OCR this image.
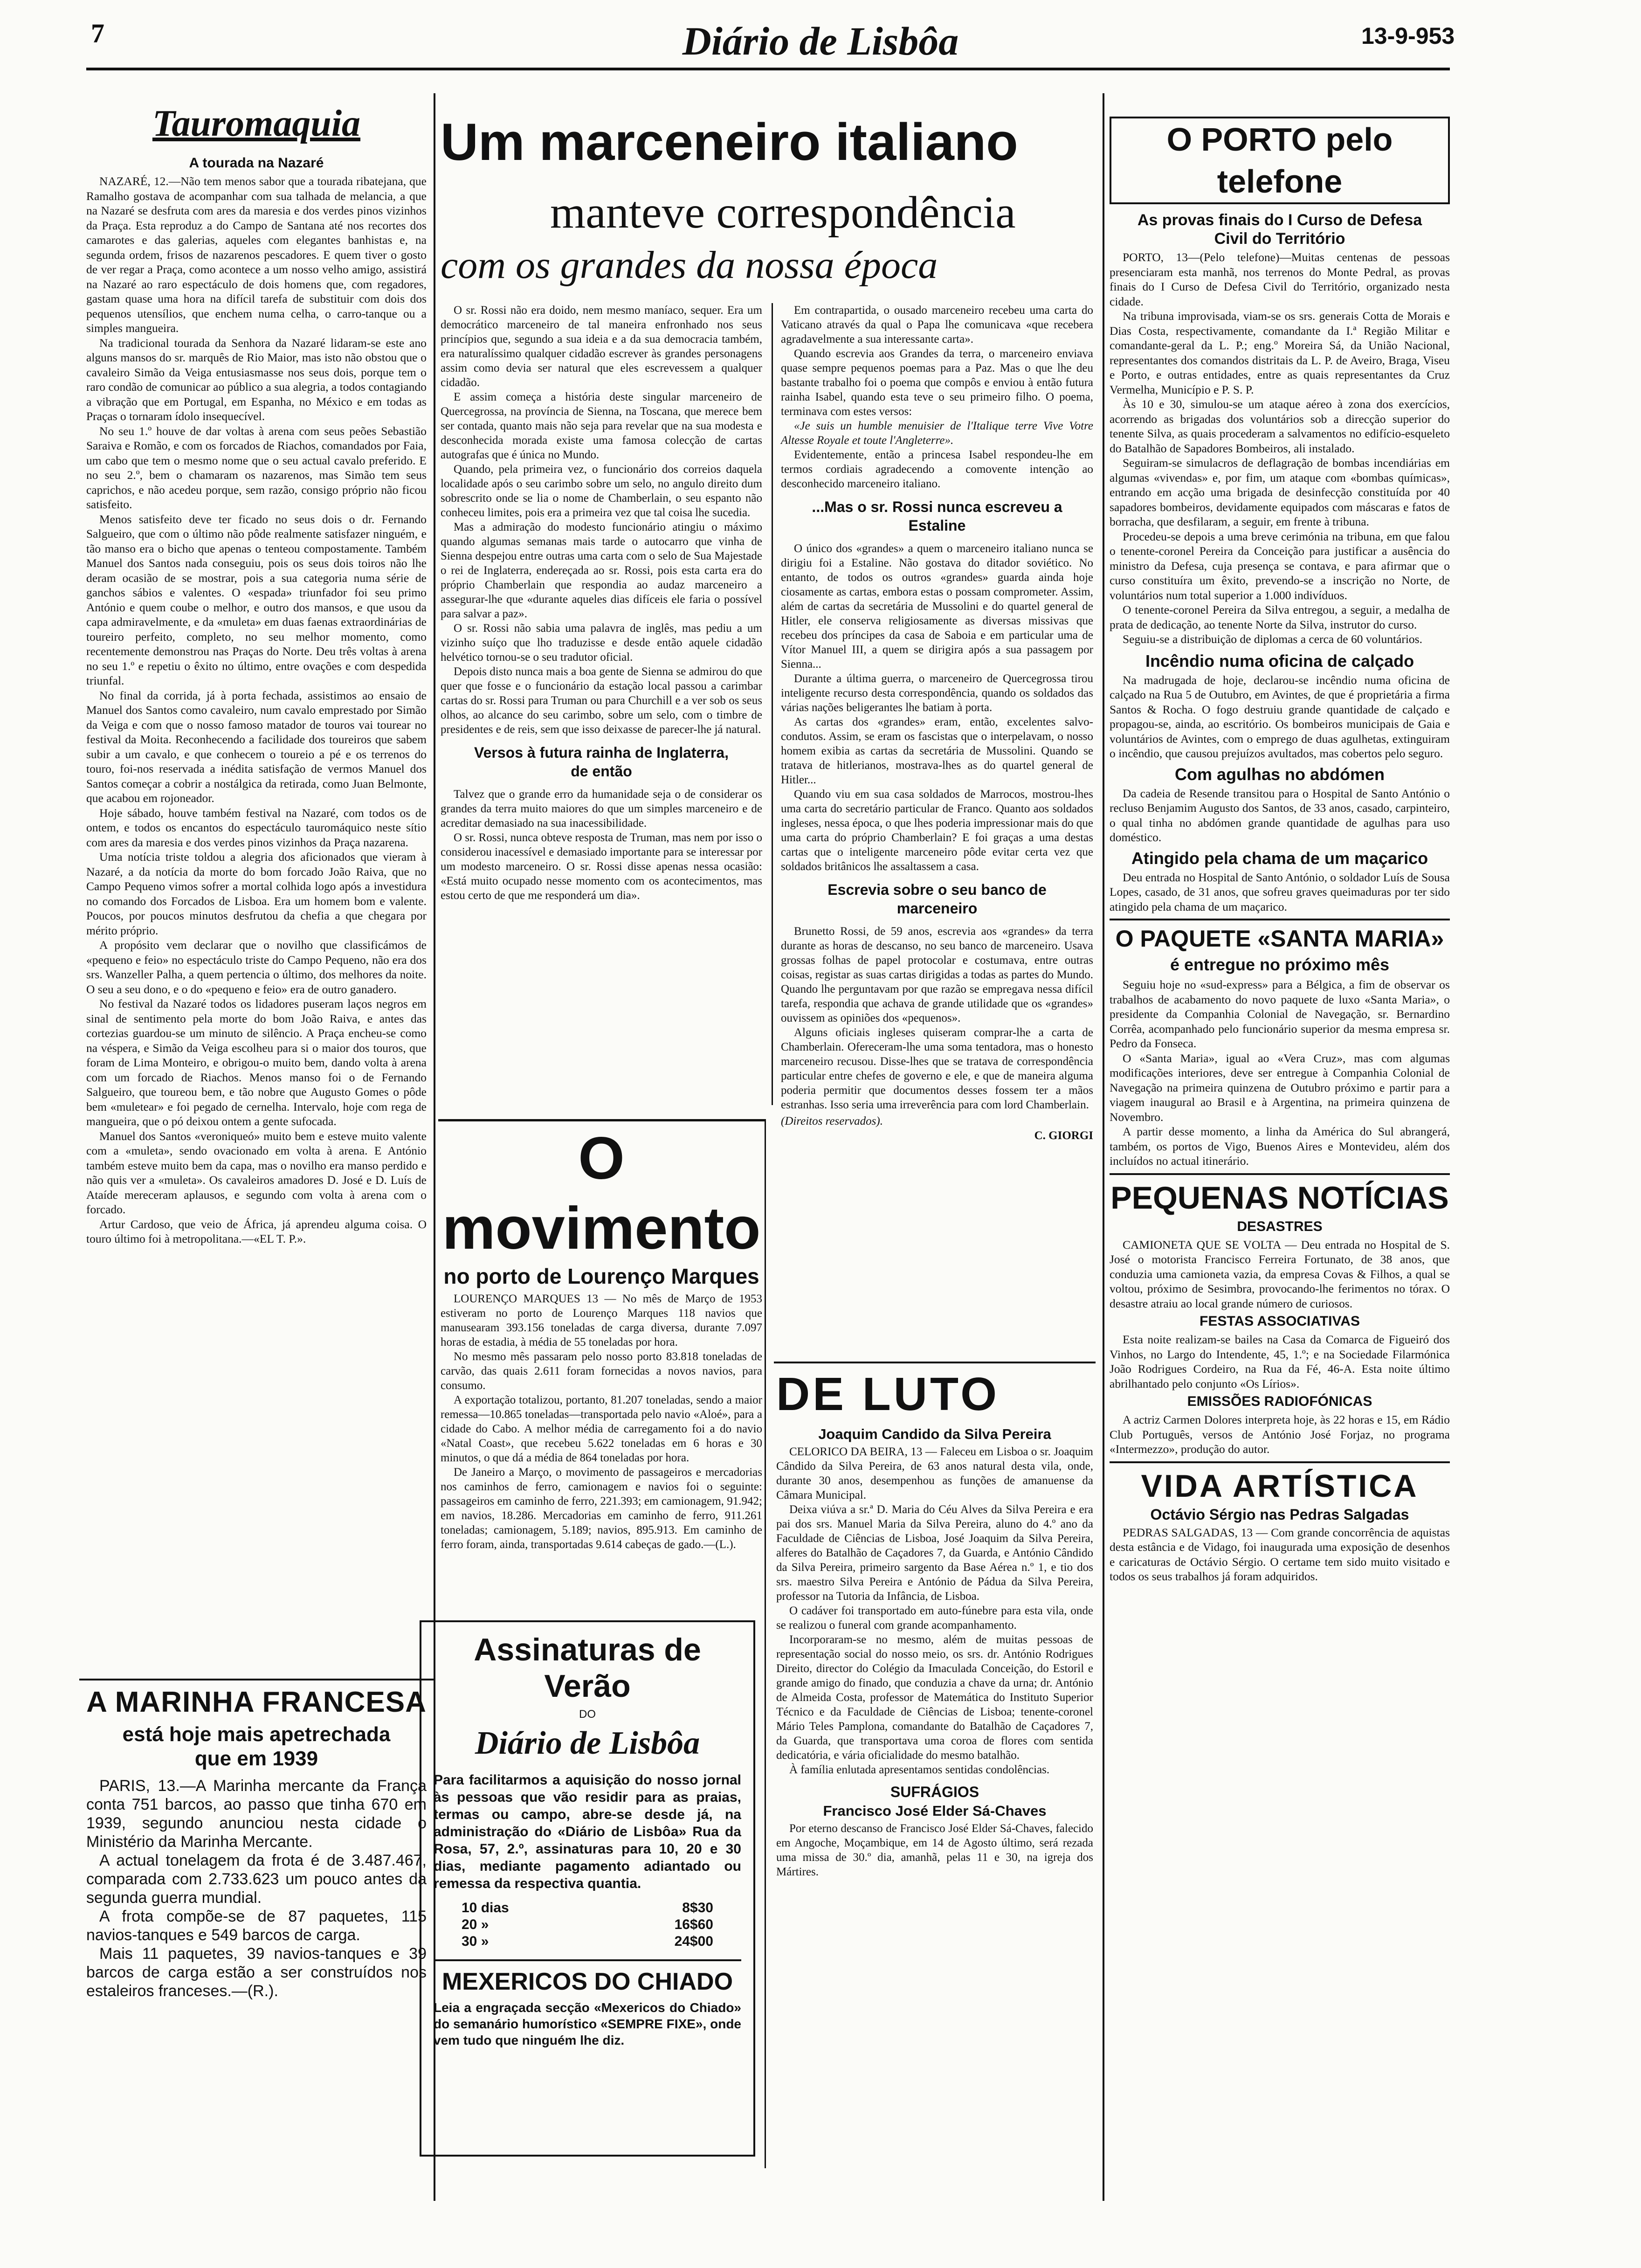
7	Diário de Lisbôa	13-9-953
Tauromaquia
A tourada na Nazaré

NAZARÉ, 12.—Não tem menos sabor que a tourada ribatejana, que Ramalho gostava de acompanhar com sua talhada de melancia, a que na Nazaré se desfruta com ares da maresia e dos verdes pinos vizinhos da Praça. Esta reproduz a do Campo de Santana até nos recortes dos camarotes e das galerias, aqueles com elegantes banhistas e, na segunda ordem, frisos de nazarenos pescadores. E quem tiver o gosto de ver regar a Praça, como acontece a um nosso velho amigo, assistirá na Nazaré ao raro espectáculo de dois homens que, com regadores, gastam quase uma hora na difícil tarefa de substituir com dois dos pequenos utensílios, que enchem numa celha, o carro-tanque ou a simples mangueira.

Na tradicional tourada da Senhora da Nazaré lidaram-se este ano alguns mansos do sr. marquês de Rio Maior, mas isto não obstou que o cavaleiro Simão da Veiga entusiasmasse nos seus dois, porque tem o raro condão de comunicar ao público a sua alegria, a todos contagiando a vibração que em Portugal, em Espanha, no México e em todas as Praças o tornaram ídolo insequecível.

No seu 1.º houve de dar voltas à arena com seus peões Sebastião Saraiva e Romão, e com os forcados de Riachos, comandados por Faia, um cabo que tem o mesmo nome que o seu actual cavalo preferido. E no seu 2.º, bem o chamaram os nazarenos, mas Simão tem seus caprichos, e não acedeu porque, sem razão, consigo próprio não ficou satisfeito.

Menos satisfeito deve ter ficado no seus dois o dr. Fernando Salgueiro, que com o último não pôde realmente satisfazer ninguém, e tão manso era o bicho que apenas o tenteou compostamente. Também Manuel dos Santos nada conseguiu, pois os seus dois toiros não lhe deram ocasião de se mostrar, pois a sua categoria numa série de ganchos sábios e valentes. O «espada» triunfador foi seu primo António e quem coube o melhor, e outro dos mansos, e que usou da capa admiravelmente, e da «muleta» em duas faenas extraordinárias de toureiro perfeito, completo, no seu melhor momento, como recentemente demonstrou nas Praças do Norte. Deu três voltas à arena no seu 1.º e repetiu o êxito no último, entre ovações e com despedida triunfal.

No final da corrida, já à porta fechada, assistimos ao ensaio de Manuel dos Santos como cavaleiro, num cavalo emprestado por Simão da Veiga e com que o nosso famoso matador de touros vai tourear no festival da Moita. Reconhecendo a facilidade dos toureiros que sabem subir a um cavalo, e que conhecem o toureio a pé e os terrenos do touro, foi-nos reservada a inédita satisfação de vermos Manuel dos Santos começar a cobrir a nostálgica da retirada, como Juan Belmonte, que acabou em rojoneador.

Hoje sábado, houve também festival na Nazaré, com todos os de ontem, e todos os encantos do espectáculo tauromáquico neste sítio com ares da maresia e dos verdes pinos vizinhos da Praça nazarena.

Uma notícia triste toldou a alegria dos aficionados que vieram à Nazaré, a da notícia da morte do bom forcado João Raiva, que no Campo Pequeno vimos sofrer a mortal colhida logo após a investidura no comando dos Forcados de Lisboa. Era um homem bom e valente. Poucos, por poucos minutos desfrutou da chefia a que chegara por mérito próprio.

A propósito vem declarar que o novilho que classificámos de «pequeno e feio» no espectáculo triste do Campo Pequeno, não era dos srs. Wanzeller Palha, a quem pertencia o último, dos melhores da noite. O seu a seu dono, e o do «pequeno e feio» era de outro ganadero.

No festival da Nazaré todos os lidadores puseram laços negros em sinal de sentimento pela morte do bom João Raiva, e antes das cortezias guardou-se um minuto de silêncio. A Praça encheu-se como na véspera, e Simão da Veiga escolheu para si o maior dos touros, que foram de Lima Monteiro, e obrigou-o muito bem, dando volta à arena com um forcado de Riachos. Menos manso foi o de Fernando Salgueiro, que toureou bem, e tão nobre que Augusto Gomes o pôde bem «muletear» e foi pegado de cernelha. Intervalo, hoje com rega de mangueira, que o pó deixou ontem a gente sufocada.

Manuel dos Santos «veroniqueó» muito bem e esteve muito valente com a «muleta», sendo ovacionado em volta à arena. E António também esteve muito bem da capa, mas o novilho era manso perdido e não quis ver a «muleta». Os cavaleiros amadores D. José e D. Luís de Ataíde mereceram aplausos, e segundo com volta à arena com o forcado.

Artur Cardoso, que veio de África, já aprendeu alguma coisa. O touro último foi à metropolitana.—«EL T. P.».

A MARINHA FRANCESA
está hoje mais apetrechada que em 1939

PARIS, 13.—A Marinha mercante da França conta 751 barcos, ao passo que tinha 670 em 1939, segundo anunciou nesta cidade o Ministério da Marinha Mercante.

A actual tonelagem da frota é de 3.487.467, comparada com 2.733.623 um pouco antes da segunda guerra mundial.

A frota compõe-se de 87 paquetes, 115 navios-tanques e 549 barcos de carga.

Mais 11 paquetes, 39 navios-tanques e 39 barcos de carga estão a ser construídos nos estaleiros franceses.—(R.).

Um marceneiro italiano
manteve correspondência
com os grandes da nossa época

O sr. Rossi não era doido, nem mesmo maníaco, sequer. Era um democrático marceneiro de tal maneira enfronhado nos seus princípios que, segundo a sua ideia e a da sua democracia também, era naturalíssimo qualquer cidadão escrever às grandes personagens assim como devia ser natural que eles escrevessem a qualquer cidadão.

E assim começa a história deste singular marceneiro de Quercegrossa, na província de Sienna, na Toscana, que merece bem ser contada, quanto mais não seja para revelar que na sua modesta e desconhecida morada existe uma famosa colecção de cartas autografas que é única no Mundo.

Quando, pela primeira vez, o funcionário dos correios daquela localidade após o seu carimbo sobre um selo, no angulo direito dum sobrescrito onde se lia o nome de Chamberlain, o seu espanto não conheceu limites, pois era a primeira vez que tal coisa lhe sucedia.

Mas a admiração do modesto funcionário atingiu o máximo quando algumas semanas mais tarde o autocarro que vinha de Sienna despejou entre outras uma carta com o selo de Sua Majestade o rei de Inglaterra, endereçada ao sr. Rossi, pois esta carta era do próprio Chamberlain que respondia ao audaz marceneiro a assegurar-lhe que «durante aqueles dias difíceis ele faria o possível para salvar a paz».

O sr. Rossi não sabia uma palavra de inglês, mas pediu a um vizinho suíço que lho traduzisse e desde então aquele cidadão helvético tornou-se o seu tradutor oficial.

Depois disto nunca mais a boa gente de Sienna se admirou do que quer que fosse e o funcionário da estação local passou a carimbar cartas do sr. Rossi para Truman ou para Churchill e a ver sob os seus olhos, ao alcance do seu carimbo, sobre um selo, com o timbre de presidentes e de reis, sem que isso deixasse de parecer-lhe já natural.

Versos à futura rainha de Inglaterra, de então

Talvez que o grande erro da humanidade seja o de considerar os grandes da terra muito maiores do que um simples marceneiro e de acreditar demasiado na sua inacessibilidade.

O sr. Rossi, nunca obteve resposta de Truman, mas nem por isso o considerou inacessível e demasiado importante para se interessar por um modesto marceneiro. O sr. Rossi disse apenas nessa ocasião: «Está muito ocupado nesse momento com os acontecimentos, mas estou certo de que me responderá um dia».

Em contrapartida, o ousado marceneiro recebeu uma carta do Vaticano através da qual o Papa lhe comunicava «que recebera agradavelmente a sua interessante carta».

Quando escrevia aos Grandes da terra, o marceneiro enviava quase sempre pequenos poemas para a Paz. Mas o que lhe deu bastante trabalho foi o poema que compôs e enviou à então futura rainha Isabel, quando esta teve o seu primeiro filho. O poema, terminava com estes versos:

«Je suis un humble menuisier de l'Italique terre Vive Votre Altesse Royale et toute l'Angleterre».

Evidentemente, então a princesa Isabel respondeu-lhe em termos cordiais agradecendo a comovente intenção ao desconhecido marceneiro italiano.

...Mas o sr. Rossi nunca escreveu a Estaline

O único dos «grandes» a quem o marceneiro italiano nunca se dirigiu foi a Estaline. Não gostava do ditador soviético. No entanto, de todos os outros «grandes» guarda ainda hoje ciosamente as cartas, embora estas o possam comprometer. Assim, além de cartas da secretária de Mussolini e do quartel general de Hitler, ele conserva religiosamente as diversas missivas que recebeu dos príncipes da casa de Saboia e em particular uma de Vítor Manuel III, a quem se dirigira após a sua passagem por Sienna...

Durante a última guerra, o marceneiro de Quercegrossa tirou inteligente recurso desta correspondência, quando os soldados das várias nações beligerantes lhe batiam à porta.

As cartas dos «grandes» eram, então, excelentes salvo-condutos. Assim, se eram os fascistas que o interpelavam, o nosso homem exibia as cartas da secretária de Mussolini. Quando se tratava de hitlerianos, mostrava-lhes as do quartel general de Hitler...

Quando viu em sua casa soldados de Marrocos, mostrou-lhes uma carta do secretário particular de Franco. Quanto aos soldados ingleses, nessa época, o que lhes poderia impressionar mais do que uma carta do próprio Chamberlain? E foi graças a uma destas cartas que o inteligente marceneiro pôde evitar certa vez que soldados britânicos lhe assaltassem a casa.

Escrevia sobre o seu banco de marceneiro

Brunetto Rossi, de 59 anos, escrevia aos «grandes» da terra durante as horas de descanso, no seu banco de marceneiro. Usava grossas folhas de papel protocolar e costumava, entre outras coisas, registar as suas cartas dirigidas a todas as partes do Mundo. Quando lhe perguntavam por que razão se empregava nessa difícil tarefa, respondia que achava de grande utilidade que os «grandes» ouvissem as opiniões dos «pequenos».

Alguns oficiais ingleses quiseram comprar-lhe a carta de Chamberlain. Ofereceram-lhe uma soma tentadora, mas o honesto marceneiro recusou. Disse-lhes que se tratava de correspondência particular entre chefes de governo e ele, e que de maneira alguma poderia permitir que documentos desses fossem ter a mãos estranhas. Isso seria uma irreverência para com lord Chamberlain.

(Direitos reservados).
C. GIORGI
O movimento
no porto de Lourenço Marques

LOURENÇO MARQUES 13 — No mês de Março de 1953 estiveram no porto de Lourenço Marques 118 navios que manusearam 393.156 toneladas de carga diversa, durante 7.097 horas de estadia, à média de 55 toneladas por hora.

No mesmo mês passaram pelo nosso porto 83.818 toneladas de carvão, das quais 2.611 foram fornecidas a novos navios, para consumo.

A exportação totalizou, portanto, 81.207 toneladas, sendo a maior remessa—10.865 toneladas—transportada pelo navio «Aloé», para a cidade do Cabo. A melhor média de carregamento foi a do navio «Natal Coast», que recebeu 5.622 toneladas em 6 horas e 30 minutos, o que dá a média de 864 toneladas por hora.

De Janeiro a Março, o movimento de passageiros e mercadorias nos caminhos de ferro, camionagem e navios foi o seguinte: passageiros em caminho de ferro, 221.393; em camionagem, 91.942; em navios, 18.286. Mercadorias em caminho de ferro, 911.261 toneladas; camionagem, 5.189; navios, 895.913. Em caminho de ferro foram, ainda, transportadas 9.614 cabeças de gado.—(L.).

Assinaturas de Verão
DO
Diário de Lisbôa
Para facilitarmos a aquisição do nosso jornal às pessoas que vão residir para as praias, termas ou campo, abre-se desde já, na administração do «Diário de Lisbôa» Rua da Rosa, 57, 2.º, assinaturas para 10, 20 e 30 dias, mediante pagamento adiantado ou remessa da respectiva quantia.
10 dias	8$30
20 »	16$60
30 »	24$00
MEXERICOS DO CHIADO
Leia a engraçada secção «Mexericos do Chiado» do semanário humorístico «SEMPRE FIXE», onde vem tudo que ninguém lhe diz.
DE LUTO
Joaquim Candido da Silva Pereira

CELORICO DA BEIRA, 13 — Faleceu em Lisboa o sr. Joaquim Cândido da Silva Pereira, de 63 anos natural desta vila, onde, durante 30 anos, desempenhou as funções de amanuense da Câmara Municipal.

Deixa viúva a sr.ª D. Maria do Céu Alves da Silva Pereira e era pai dos srs. Manuel Maria da Silva Pereira, aluno do 4.º ano da Faculdade de Ciências de Lisboa, José Joaquim da Silva Pereira, alferes do Batalhão de Caçadores 7, da Guarda, e António Cândido da Silva Pereira, primeiro sargento da Base Aérea n.º 1, e tio dos srs. maestro Silva Pereira e António de Pádua da Silva Pereira, professor na Tutoria da Infância, de Lisboa.

O cadáver foi transportado em auto-fúnebre para esta vila, onde se realizou o funeral com grande acompanhamento.

Incorporaram-se no mesmo, além de muitas pessoas de representação social do nosso meio, os srs. dr. António Rodrigues Direito, director do Colégio da Imaculada Conceição, do Estoril e grande amigo do finado, que conduzia a chave da urna; dr. António de Almeida Costa, professor de Matemática do Instituto Superior Técnico e da Faculdade de Ciências de Lisboa; tenente-coronel Mário Teles Pamplona, comandante do Batalhão de Caçadores 7, da Guarda, que transportava uma coroa de flores com sentida dedicatória, e vária oficialidade do mesmo batalhão.

À família enlutada apresentamos sentidas condolências.

SUFRÁGIOS
Francisco José Elder Sá-Chaves

Por eterno descanso de Francisco José Elder Sá-Chaves, falecido em Angoche, Moçambique, em 14 de Agosto último, será rezada uma missa de 30.º dia, amanhã, pelas 11 e 30, na igreja dos Mártires.

O PORTO pelo telefone
As provas finais do I Curso de Defesa Civil do Território

PORTO, 13—(Pelo telefone)—Muitas centenas de pessoas presenciaram esta manhã, nos terrenos do Monte Pedral, as provas finais do I Curso de Defesa Civil do Território, organizado nesta cidade.

Na tribuna improvisada, viam-se os srs. generais Cotta de Morais e Dias Costa, respectivamente, comandante da I.ª Região Militar e comandante-geral da L. P.; eng.º Moreira Sá, da União Nacional, representantes dos comandos distritais da L. P. de Aveiro, Braga, Viseu e Porto, e outras entidades, entre as quais representantes da Cruz Vermelha, Município e P. S. P.

Às 10 e 30, simulou-se um ataque aéreo à zona dos exercícios, acorrendo as brigadas dos voluntários sob a direcção superior do tenente Silva, as quais procederam a salvamentos no edifício-esqueleto do Batalhão de Sapadores Bombeiros, ali instalado.

Seguiram-se simulacros de deflagração de bombas incendiárias em algumas «vivendas» e, por fim, um ataque com «bombas químicas», entrando em acção uma brigada de desinfecção constituída por 40 sapadores bombeiros, devidamente equipados com máscaras e fatos de borracha, que desfilaram, a seguir, em frente à tribuna.

Procedeu-se depois a uma breve cerimónia na tribuna, em que falou o tenente-coronel Pereira da Conceição para justificar a ausência do ministro da Defesa, cuja presença se contava, e para afirmar que o curso constituíra um êxito, prevendo-se a inscrição no Norte, de voluntários num total superior a 1.000 indivíduos.

O tenente-coronel Pereira da Silva entregou, a seguir, a medalha de prata de dedicação, ao tenente Norte da Silva, instrutor do curso.

Seguiu-se a distribuição de diplomas a cerca de 60 voluntários.

Incêndio numa oficina de calçado

Na madrugada de hoje, declarou-se incêndio numa oficina de calçado na Rua 5 de Outubro, em Avintes, de que é proprietária a firma Santos & Rocha. O fogo destruiu grande quantidade de calçado e propagou-se, ainda, ao escritório. Os bombeiros municipais de Gaia e voluntários de Avintes, com o emprego de duas agulhetas, extinguiram o incêndio, que causou prejuízos avultados, mas cobertos pelo seguro.

Com agulhas no abdómen

Da cadeia de Resende transitou para o Hospital de Santo António o recluso Benjamim Augusto dos Santos, de 33 anos, casado, carpinteiro, o qual tinha no abdómen grande quantidade de agulhas para uso doméstico.

Atingido pela chama de um maçarico

Deu entrada no Hospital de Santo António, o soldador Luís de Sousa Lopes, casado, de 31 anos, que sofreu graves queimaduras por ter sido atingido pela chama de um maçarico.

O PAQUETE «SANTA MARIA»
é entregue no próximo mês

Seguiu hoje no «sud-express» para a Bélgica, a fim de observar os trabalhos de acabamento do novo paquete de luxo «Santa Maria», o presidente da Companhia Colonial de Navegação, sr. Bernardino Corrêa, acompanhado pelo funcionário superior da mesma empresa sr. Pedro da Fonseca.

O «Santa Maria», igual ao «Vera Cruz», mas com algumas modificações interiores, deve ser entregue à Companhia Colonial de Navegação na primeira quinzena de Outubro próximo e partir para a viagem inaugural ao Brasil e à Argentina, na primeira quinzena de Novembro.

A partir desse momento, a linha da América do Sul abrangerá, também, os portos de Vigo, Buenos Aires e Montevideu, além dos incluídos no actual itinerário.

PEQUENAS NOTÍCIAS
DESASTRES

CAMIONETA QUE SE VOLTA — Deu entrada no Hospital de S. José o motorista Francisco Ferreira Fortunato, de 38 anos, que conduzia uma camioneta vazia, da empresa Covas & Filhos, a qual se voltou, próximo de Sesimbra, provocando-lhe ferimentos no tórax. O desastre atraiu ao local grande número de curiosos.

FESTAS ASSOCIATIVAS

Esta noite realizam-se bailes na Casa da Comarca de Figueiró dos Vinhos, no Largo do Intendente, 45, 1.º; e na Sociedade Filarmónica João Rodrigues Cordeiro, na Rua da Fé, 46-A. Esta noite último abrilhantado pelo conjunto «Os Lírios».

EMISSÕES RADIOFÓNICAS

A actriz Carmen Dolores interpreta hoje, às 22 horas e 15, em Rádio Club Português, versos de António José Forjaz, no programa «Intermezzo», produção do autor.

VIDA ARTÍSTICA
Octávio Sérgio nas Pedras Salgadas

PEDRAS SALGADAS, 13 — Com grande concorrência de aquistas desta estância e de Vidago, foi inaugurada uma exposição de desenhos e caricaturas de Octávio Sérgio. O certame tem sido muito visitado e todos os seus trabalhos já foram adquiridos.
